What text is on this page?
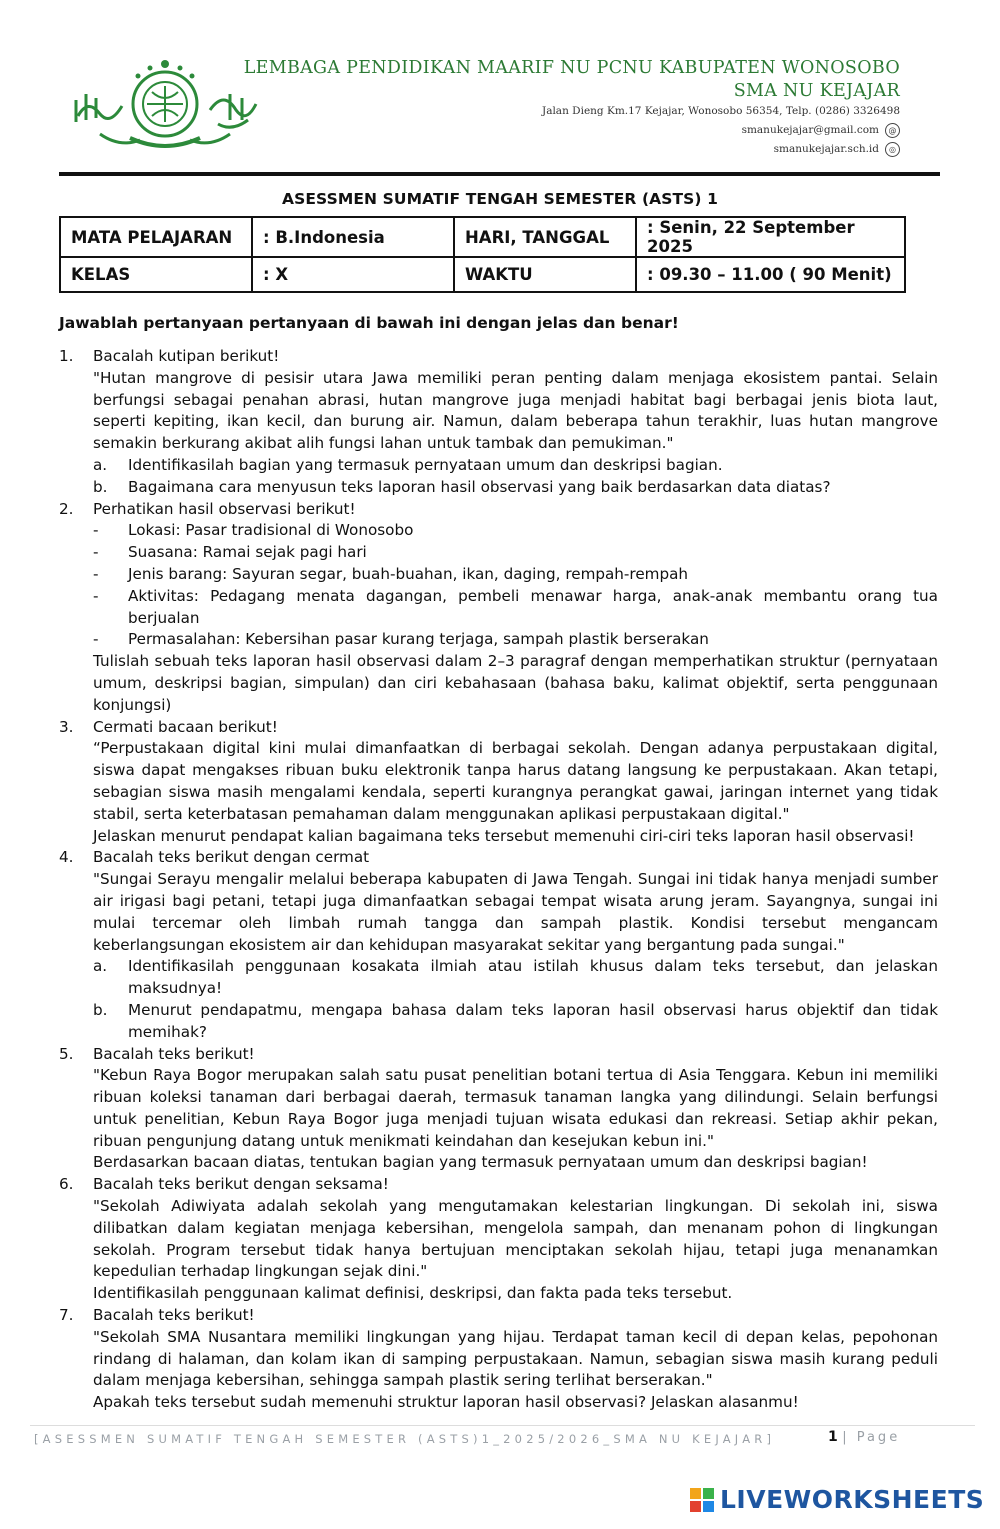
LEMBAGA PENDIDIKAN MAARIF NU PCNU KABUPATEN WONOSOBO
SMA NU KEJAJAR
Jalan Dieng Km.17 Kejajar, Wonosobo 56354, Telp. (0286) 3326498
smanukejajar@gmail.com	@
smanukejajar.sch.id	◎
ASESSMEN SUMATIF TENGAH SEMESTER (ASTS) 1
MATA PELAJARAN	: B.Indonesia	HARI, TANGGAL	: Senin, 22 September 2025
KELAS	: X	WAKTU	: 09.30 – 11.00 ( 90 Menit)
Jawablah pertanyaan pertanyaan di bawah ini dengan jelas dan benar!
1. Bacalah kutipan berikut!
"Hutan mangrove di pesisir utara Jawa memiliki peran penting dalam menjaga ekosistem pantai. Selain berfungsi sebagai penahan abrasi, hutan mangrove juga menjadi habitat bagi berbagai jenis biota laut, seperti kepiting, ikan kecil, dan burung air. Namun, dalam beberapa tahun terakhir, luas hutan mangrove semakin berkurang akibat alih fungsi lahan untuk tambak dan pemukiman."
a. Identifikasilah bagian yang termasuk pernyataan umum dan deskripsi bagian.
b. Bagaimana cara menyusun teks laporan hasil observasi yang baik berdasarkan data diatas?
2. Perhatikan hasil observasi berikut!
- Lokasi: Pasar tradisional di Wonosobo
- Suasana: Ramai sejak pagi hari
- Jenis barang: Sayuran segar, buah-buahan, ikan, daging, rempah-rempah
- Aktivitas: Pedagang menata dagangan, pembeli menawar harga, anak-anak membantu orang tua berjualan
- Permasalahan: Kebersihan pasar kurang terjaga, sampah plastik berserakan
Tulislah sebuah teks laporan hasil observasi dalam 2–3 paragraf dengan memperhatikan struktur (pernyataan umum, deskripsi bagian, simpulan) dan ciri kebahasaan (bahasa baku, kalimat objektif, serta penggunaan konjungsi)
3. Cermati bacaan berikut!
“Perpustakaan digital kini mulai dimanfaatkan di berbagai sekolah. Dengan adanya perpustakaan digital, siswa dapat mengakses ribuan buku elektronik tanpa harus datang langsung ke perpustakaan. Akan tetapi, sebagian siswa masih mengalami kendala, seperti kurangnya perangkat gawai, jaringan internet yang tidak stabil, serta keterbatasan pemahaman dalam menggunakan aplikasi perpustakaan digital."
Jelaskan menurut pendapat kalian bagaimana teks tersebut memenuhi ciri-ciri teks laporan hasil observasi!
4. Bacalah teks berikut dengan cermat
"Sungai Serayu mengalir melalui beberapa kabupaten di Jawa Tengah. Sungai ini tidak hanya menjadi sumber air irigasi bagi petani, tetapi juga dimanfaatkan sebagai tempat wisata arung jeram. Sayangnya, sungai ini mulai tercemar oleh limbah rumah tangga dan sampah plastik. Kondisi tersebut mengancam keberlangsungan ekosistem air dan kehidupan masyarakat sekitar yang bergantung pada sungai."
a. Identifikasilah penggunaan kosakata ilmiah atau istilah khusus dalam teks tersebut, dan jelaskan maksudnya!
b. Menurut pendapatmu, mengapa bahasa dalam teks laporan hasil observasi harus objektif dan tidak memihak?
5. Bacalah teks berikut!
"Kebun Raya Bogor merupakan salah satu pusat penelitian botani tertua di Asia Tenggara. Kebun ini memiliki ribuan koleksi tanaman dari berbagai daerah, termasuk tanaman langka yang dilindungi. Selain berfungsi untuk penelitian, Kebun Raya Bogor juga menjadi tujuan wisata edukasi dan rekreasi. Setiap akhir pekan, ribuan pengunjung datang untuk menikmati keindahan dan kesejukan kebun ini."
Berdasarkan bacaan diatas, tentukan bagian yang termasuk pernyataan umum dan deskripsi bagian!
6. Bacalah teks berikut dengan seksama!
"Sekolah Adiwiyata adalah sekolah yang mengutamakan kelestarian lingkungan. Di sekolah ini, siswa dilibatkan dalam kegiatan menjaga kebersihan, mengelola sampah, dan menanam pohon di lingkungan sekolah. Program tersebut tidak hanya bertujuan menciptakan sekolah hijau, tetapi juga menanamkan kepedulian terhadap lingkungan sejak dini."
Identifikasilah penggunaan kalimat definisi, deskripsi, dan fakta pada teks tersebut.
7. Bacalah teks berikut!
"Sekolah SMA Nusantara memiliki lingkungan yang hijau. Terdapat taman kecil di depan kelas, pepohonan rindang di halaman, dan kolam ikan di samping perpustakaan. Namun, sebagian siswa masih kurang peduli dalam menjaga kebersihan, sehingga sampah plastik sering terlihat berserakan."
Apakah teks tersebut sudah memenuhi struktur laporan hasil observasi? Jelaskan alasanmu!
[ASESSMEN SUMATIF TENGAH SEMESTER (ASTS)1_2025/2026_SMA NU KEJAJAR]	1 | Page
LIVEWORKSHEETS
